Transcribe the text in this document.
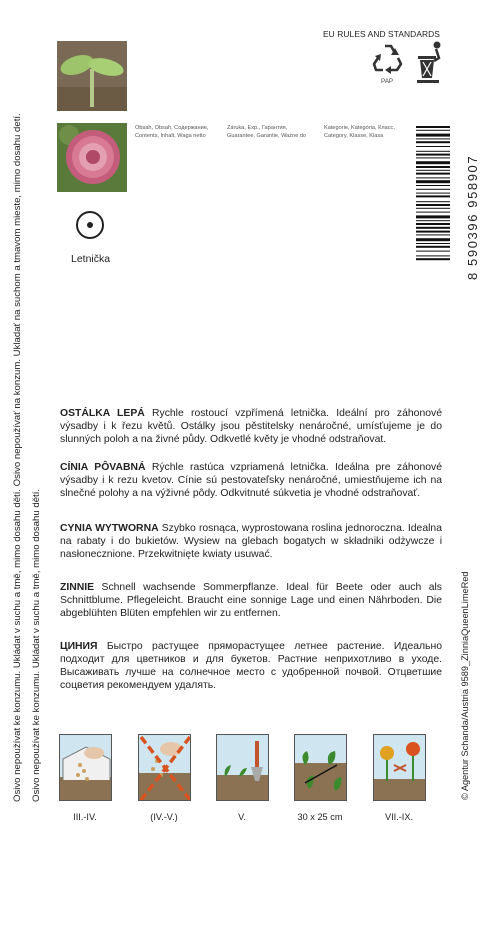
Osivo nepoužívat ke konzumu. Ukládat v suchu a tmě, mimo dosahu dětí. Osivo nepoužívať na konzum. Ukladať na suchom a tmavom mieste, mimo dosahu detí. Osivo nepoužívat ke konzumu. Ukládat v suchu a tmě, mimo dosahu dětí.
Letnička
Obsah, Obsah, Содержание,
Contents, Inhalt, Waga netto
Záruka, Exp., Гарантия,
Guarantee, Garantie, Ważne do
Kategorie, Kategória, Класс,
Category, Klasse, Klasa
EU RULES AND STANDARDS
PAP
8 590396 958907
© Agentur Schanda/Austria 9589_ZinniaQueenLimeRed
OSTÁLKA LEPÁ Rychle rostoucí vzpřímená letnička. Ideální pro záhonové výsadby i k řezu květů. Ostálky jsou pěstitelsky nenáročné, umísťujeme je do slunných poloh a na živné půdy. Odkvetlé květy je vhodné odstraňovat.
CÍNIA PÔVABNÁ Rýchle rastúca vzpriamená letnička. Ideálna pre záhonové výsadby i k rezu kvetov. Cínie sú pestovateľsky nenáročné, umiestňujeme ich na slnečné polohy a na výživné pôdy. Odkvitnuté súkvetia je vhodné odstraňovať.
CYNIA WYTWORNA Szybko rosnąca, wyprostowana roslina jednoroczna. Idealna na rabaty i do bukietów. Wysiew na glebach bogatych w składniki odżywcze i nasłonecznione. Przekwitnięte kwiaty usuwać.
ZINNIE Schnell wachsende Sommerpflanze. Ideal für Beete oder auch als Schnittblume. Pflegeleicht. Braucht eine sonnige Lage und einen Nährboden. Die abgeblühten Blüten empfehlen wir zu entfernen.
ЦИНИЯ Быстро растущее пряморастущее летнее растение. Идеально подходит для цветников и для букетов. Растние неприхотливо в уходе. Высаживать лучше на солнечное место с удобренной почвой. Отцветшие соцветия рекомендуем удалять.
III.-IV.	(IV.-V.)	V.	30 x 25 cm	VII.-IX.
